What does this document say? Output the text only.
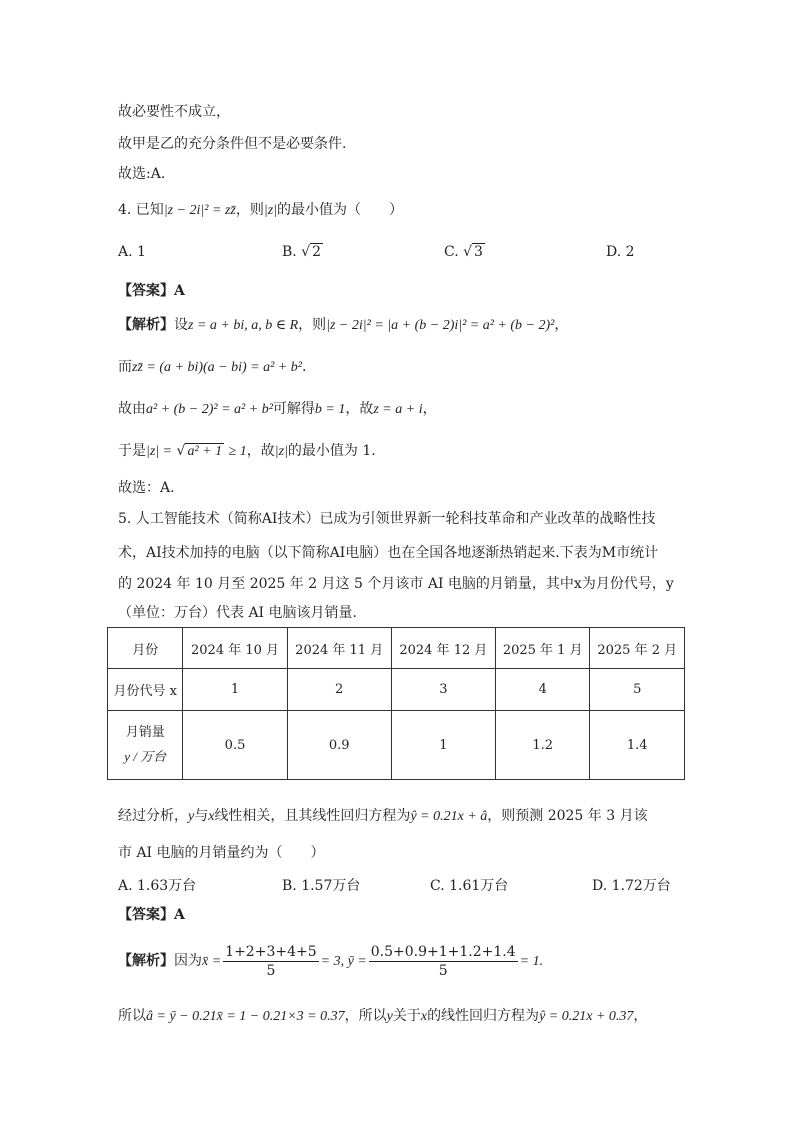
故必要性不成立，
故甲是乙的充分条件但不是必要条件.
故选:A.
4. 已知|z − 2i|² = zz̄，则|z|的最小值为（　　）
A. 1	B. √ 2	C. √ 3	D. 2
【答案】A
【解析】设z = a + bi, a, b ∈ R，则|z − 2i|² = |a + (b − 2)i|² = a² + (b − 2)²，
而zz̄ = (a + bi)(a − bi) = a² + b².
故由a² + (b − 2)² = a² + b²可解得b = 1，故z = a + i，
于是|z| = √ a² + 1 ≥ 1，故|z|的最小值为 1.
故选：A.
5. 人工智能技术（简称AI技术）已成为引领世界新一轮科技革命和产业改革的战略性技
术，AI技术加持的电脑（以下简称AI电脑）也在全国各地逐渐热销起来.下表为M市统计
的 2024 年 10 月至 2025 年 2 月这 5 个月该市 AI 电脑的月销量，其中x为月份代号，y
（单位：万台）代表 AI 电脑该月销量.
月份	2024 年 10 月	2024 年 11 月	2024 年 12 月	2025 年 1 月	2025 年 2 月
月份代号 x	1	2	3	4	5

月销量
y / 万台	0.5	0.9	1	1.2	1.4
经过分析，y与x线性相关，且其线性回归方程为ŷ = 0.21x + â，则预测 2025 年 3 月该
市 AI 电脑的月销量约为（　　）
A. 1.63万台	B. 1.57万台	C. 1.61万台	D. 1.72万台
【答案】A
【解析】因为x̄ = $\frac{1+2+3+4+5}{5} = 3$, ȳ = $\frac{0.5+0.9+1+1.2+1.4}{5} = 1$.
所以â = ȳ − 0.21x̄ = 1 − 0.21×3 = 0.37，所以y关于x的线性回归方程为ŷ = 0.21x + 0.37，
